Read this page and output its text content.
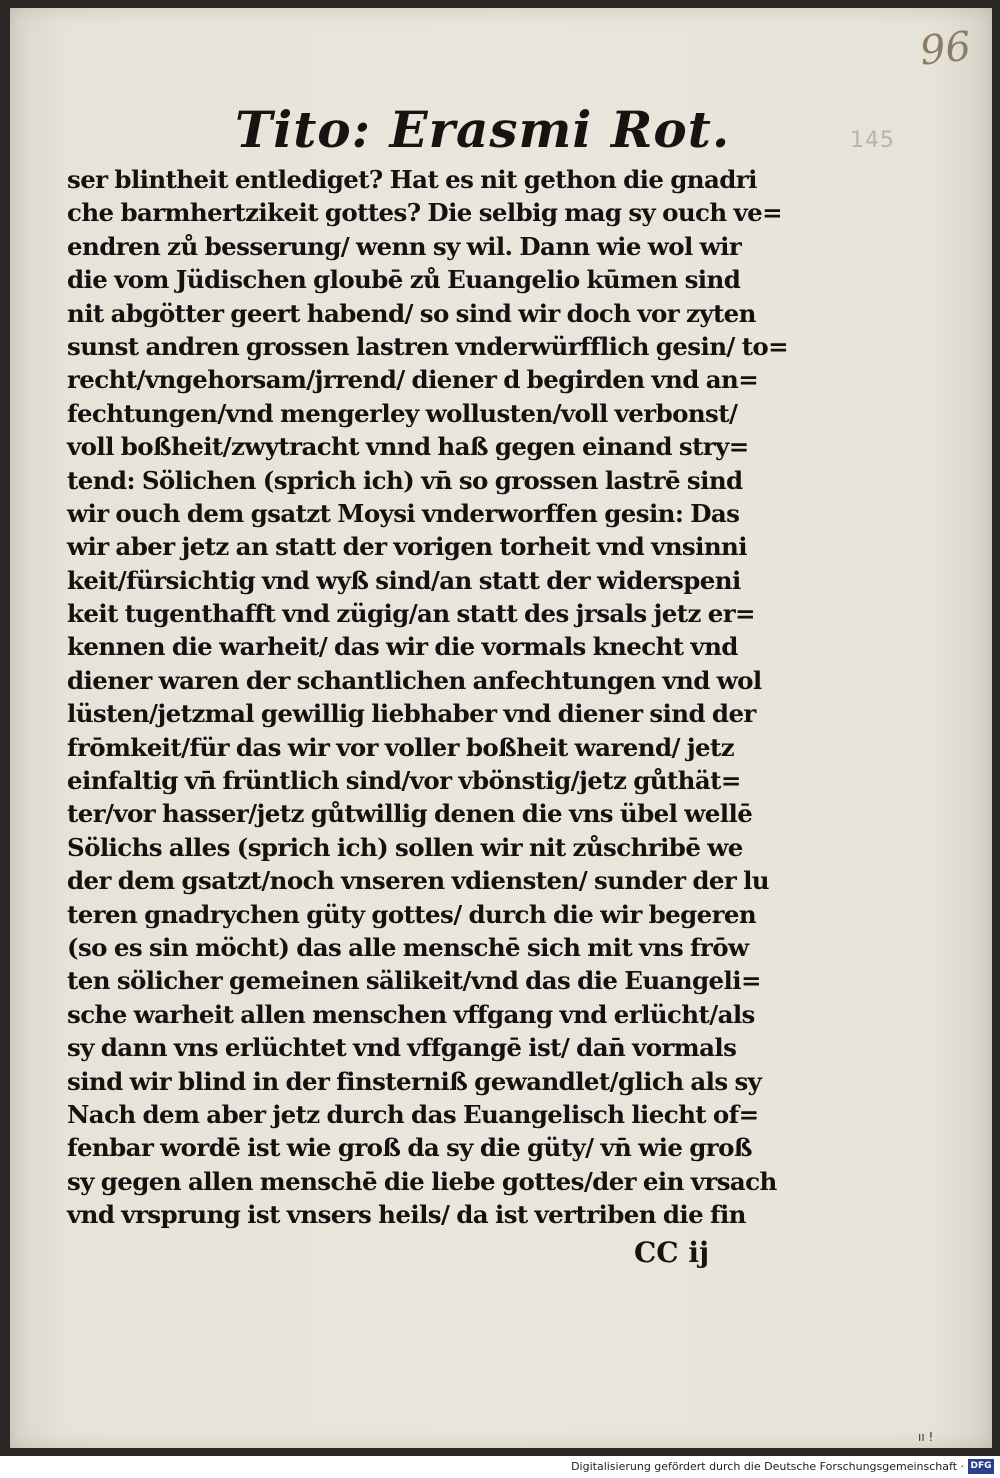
96
145
Tito: Erasmi Rot.
ser blintheit entlediget? Hat es nit gethon die gnadri
che barmhertzikeit gottes? Die selbig mag sy ouch ve=
endren zů besserung/ wenn sy wil. Dann wie wol wir
die vom Jüdischen gloubē zů Euangelio kūmen sind
nit abgötter geert habend/ so sind wir doch vor zyten
sunst andren grossen lastren vnderwürfflich gesin/ to=
recht/vngehorsam/jrrend/ diener d begirden vnd an=
fechtungen/vnd mengerley wollusten/voll verbonst/
voll boßheit/zwytracht vnnd haß gegen einand stry=
tend: Sölichen (sprich ich) vn̄ so grossen lastrē sind
wir ouch dem gsatzt Moysi vnderworffen gesin: Das
wir aber jetz an statt der vorigen torheit vnd vnsinni
keit/fürsichtig vnd wyß sind/an statt der widerspeni
keit tugenthafft vnd zügig/an statt des jrsals jetz er=
kennen die warheit/ das wir die vormals knecht vnd
diener waren der schantlichen anfechtungen vnd wol
lüsten/jetzmal gewillig liebhaber vnd diener sind der
frōmkeit/für das wir vor voller boßheit warend/ jetz
einfaltig vn̄ früntlich sind/vor vbönstig/jetz gůthät=
ter/vor hasser/jetz gůtwillig denen die vns übel wellē
Sölichs alles (sprich ich) sollen wir nit zůschribē we
der dem gsatzt/noch vnseren vdiensten/ sunder der lu
teren gnadrychen güty gottes/ durch die wir begeren
(so es sin möcht) das alle menschē sich mit vns frōw
ten sölicher gemeinen sälikeit/vnd das die Euangeli=
sche warheit allen menschen vffgang vnd erlücht/als
sy dann vns erlüchtet vnd vffgangē ist/ dan̄ vormals
sind wir blind in der finsterniß gewandlet/glich als sy
Nach dem aber jetz durch das Euangelisch liecht of=
fenbar wordē ist wie groß da sy die güty/ vn̄ wie groß
sy gegen allen menschē die liebe gottes/der ein vrsach
vnd vrsprung ist vnsers heils/ da ist vertriben die fin
CC ij
ıı !
Digitalisierung gefördert durch die Deutsche Forschungsgemeinschaft · DFG
